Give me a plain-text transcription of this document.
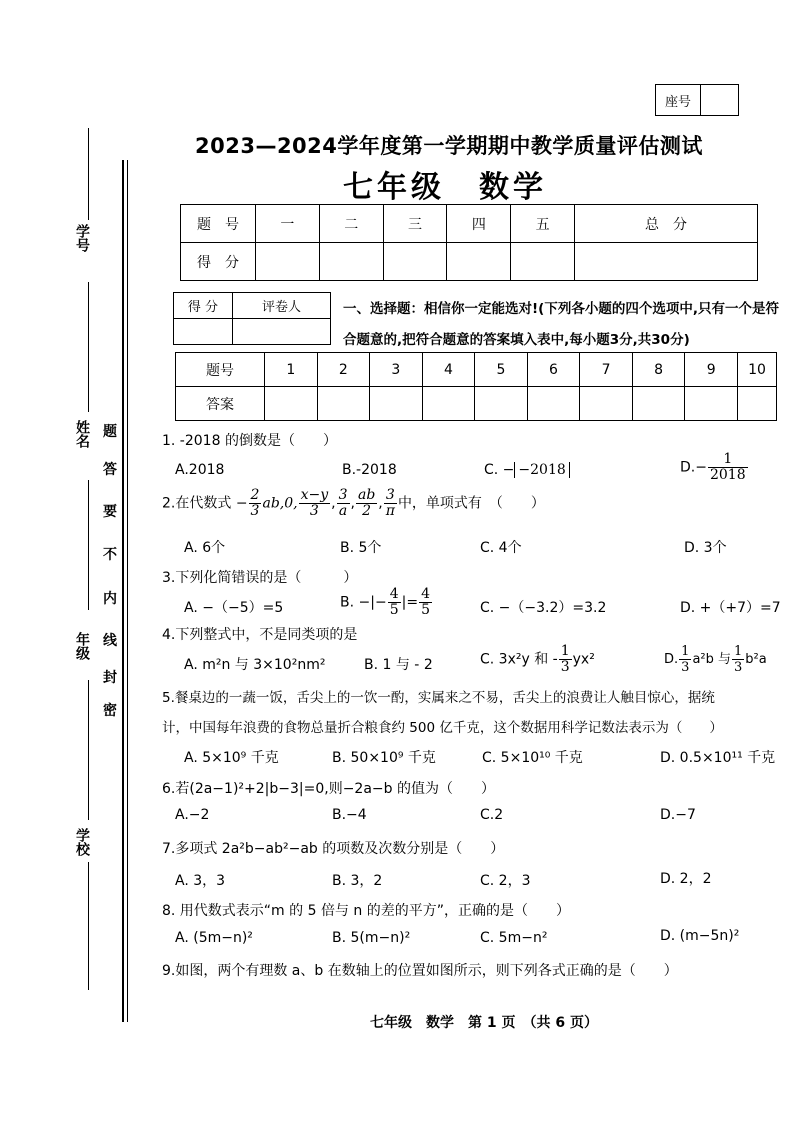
学号
姓名
年级
学校
密
封
线
内
不
要
答
题
座号
2023—2024学年度第一学期期中教学质量评估测试
七年级　数学
题　号	一	二	三	四	五	总　分
得　分						
得 分	评卷人
		一、选择题：相信你一定能选对!(下列各小题的四个选项中,只有一个是符合题意的,把符合题意的答案填入表中,每小题3分,共30分)
题号	1	2	3	4	5	6	7	8	9	10
答案										
1. -2018 的倒数是（　　）
A.2018	B.-2018	C. − −2018	$D.- \frac{1}{2018}$
2.在代数式 − $\frac{2}{3} ab,0$, $\frac{x-y}{3}$ , $\frac{3}{a}$ , $\frac{ab}{2}$ , $\frac{3}{\pi}$ 中，单项式有　（　　）
A. 6个	B. 5个	C. 4个	D. 3个
3.下列化简错误的是（　　　）
A. −（−5）=5	B. −|− $\frac{4}{5}$ |= $\frac{4}{5}$	C. −（−3.2）=3.2	D. +（+7）=7
4.下列整式中，不是同类项的是
A. m²n 与 3×10²nm²	B. 1 与 - 2	C. 3x²y 和 - $\frac{1}{3} yx^2$	D. $\frac{1}{3} a^2b$ 与 $\frac{1}{3} b^2a$
5.餐桌边的一蔬一饭，舌尖上的一饮一酌，实属来之不易，舌尖上的浪费让人触目惊心，据统
计，中国每年浪费的食物总量折合粮食约 500 亿千克，这个数据用科学记数法表示为（　　）
A. 5×10⁹ 千克	B. 50×10⁹ 千克	C. 5×10¹⁰ 千克	D. 0.5×10¹¹ 千克
6.若(2a−1)²+2|b−3|=0,则−2a−b 的值为（　　）
A.−2	B.−4	C.2	D.−7
7.多项式 2a²b−ab²−ab 的项数及次数分别是（　　）
A. 3，3	B. 3，2	C. 2，3	D. 2，2
8. 用代数式表示“m 的 5 倍与 n 的差的平方”，正确的是（　　）
A. (5m−n)²	B. 5(m−n)²	C. 5m−n²	D. (m−5n)²
9.如图，两个有理数 a、b 在数轴上的位置如图所示，则下列各式正确的是（　　）
七年级　数学　第 1 页　（共 6 页）
